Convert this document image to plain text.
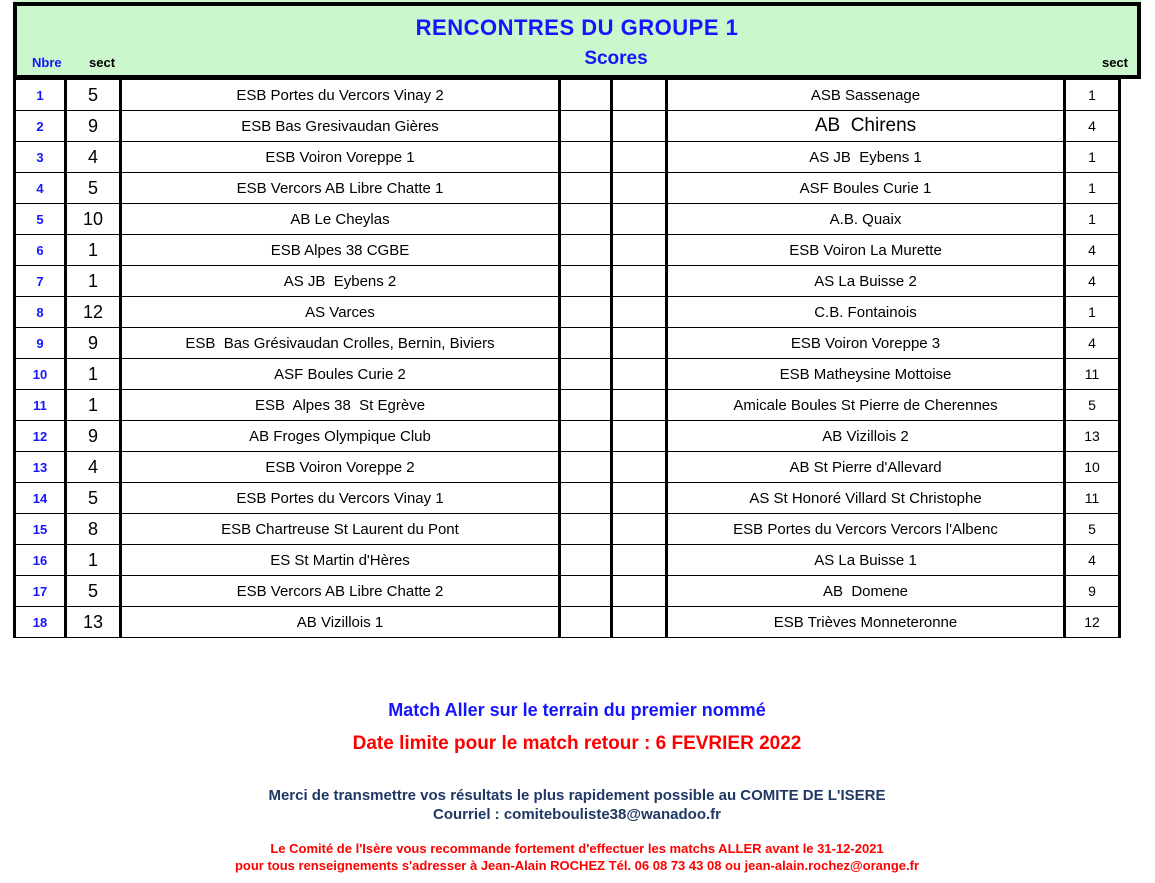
RENCONTRES DU GROUPE 1
Scores
Nbre sect	sect
1	5	ESB Portes du Vercors Vinay 2			ASB Sassenage	1
2	9	ESB Bas Gresivaudan Gières			AB  Chirens	4
3	4	ESB Voiron Voreppe 1			AS JB  Eybens 1	1
4	5	ESB Vercors AB Libre Chatte 1			ASF Boules Curie 1	1
5	10	AB Le Cheylas			A.B. Quaix	1
6	1	ESB Alpes 38 CGBE			ESB Voiron La Murette	4
7	1	AS JB  Eybens 2			AS La Buisse 2	4
8	12	AS Varces			C.B. Fontainois	1
9	9	ESB  Bas Grésivaudan Crolles, Bernin, Biviers			ESB Voiron Voreppe 3	4
10	1	ASF Boules Curie 2			ESB Matheysine Mottoise	11
11	1	ESB  Alpes 38  St Egrève			Amicale Boules St Pierre de Cherennes	5
12	9	AB Froges Olympique Club			AB Vizillois 2	13
13	4	ESB Voiron Voreppe 2			AB St Pierre d'Allevard	10
14	5	ESB Portes du Vercors Vinay 1			AS St Honoré Villard St Christophe	11
15	8	ESB Chartreuse St Laurent du Pont			ESB Portes du Vercors Vercors l'Albenc	5
16	1	ES St Martin d'Hères			AS La Buisse 1	4
17	5	ESB Vercors AB Libre Chatte 2			AB  Domene	9
18	13	AB Vizillois 1			ESB Trièves Monneteronne	12
Match Aller sur le terrain du premier nommé
Date limite pour le match retour : 6 FEVRIER 2022
Merci de transmettre vos résultats le plus rapidement possible au COMITE DE L'ISERE
Courriel : comitebouliste38@wanadoo.fr
Le Comité de l'Isère vous recommande fortement d'effectuer les matchs ALLER avant le 31-12-2021
pour tous renseignements s'adresser à Jean-Alain ROCHEZ Tél. 06 08 73 43 08 ou jean-alain.rochez@orange.fr
